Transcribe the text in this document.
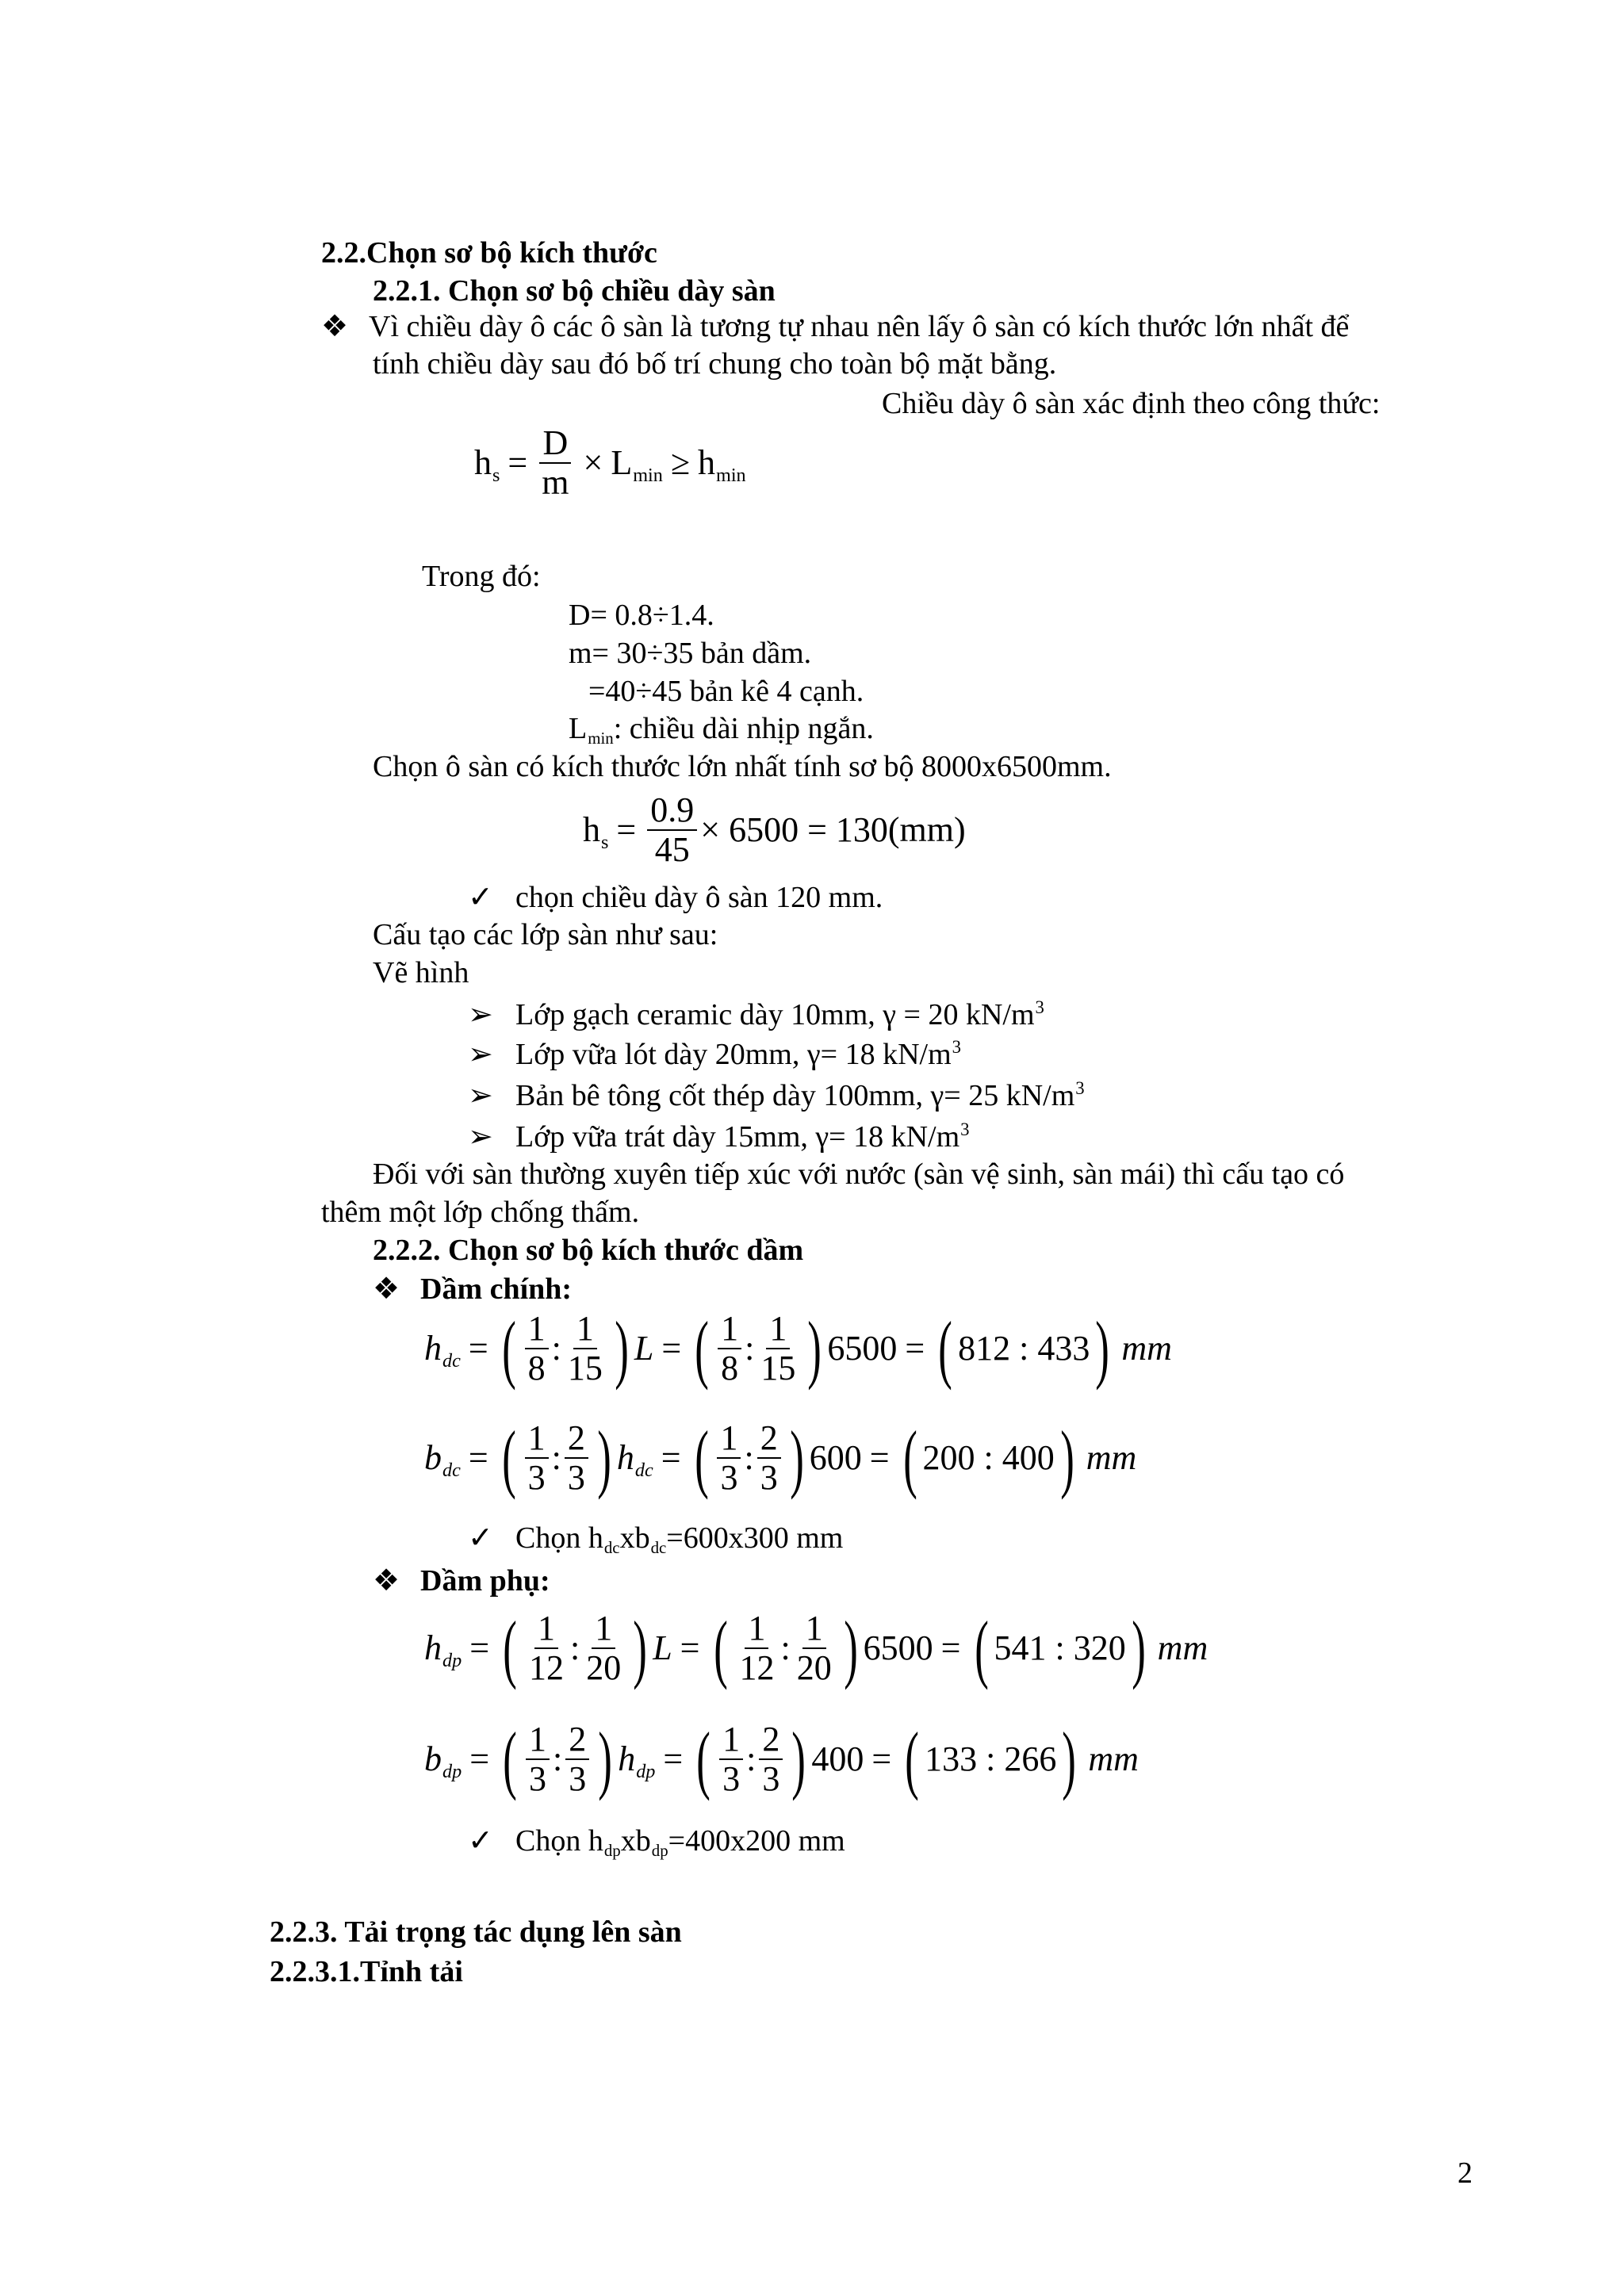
2.2.Chọn sơ bộ kích thước
2.2.1. Chọn sơ bộ chiều dày sàn
❖ Vì chiều dày ô các ô sàn là tương tự nhau nên lấy ô sàn có kích thước lớn nhất để
tính chiều dày sau đó bố trí chung cho toàn bộ mặt bằng.
Chiều dày ô sàn xác định theo công thức:
hs = $\frac{D}{m} \times Lmin \ge hmin$
Trong đó:
D= 0.8÷1.4.
m= 30÷35 bản dầm.
=40÷45 bản kê 4 cạnh.
Lmin: chiều dài nhịp ngắn.
Chọn ô sàn có kích thước lớn nhất tính sơ bộ 8000x6500mm.
hs = $\frac{0.9}{45} \times 6500 = 130(mm)$
✓ chọn chiều dày ô sàn 120 mm.
Cấu tạo các lớp sàn như sau:
Vẽ hình
➢ Lớp gạch ceramic dày 10mm, γ = 20 $kN/m^3$
➢ Lớp vữa lót dày 20mm, γ= 18 $kN/m^3$
➢ Bản bê tông cốt thép dày 100mm, γ= 25 $kN/m^3$
➢ Lớp vữa trát dày 15mm, γ= 18 $kN/m^3$
Đối với sàn thường xuyên tiếp xúc với nước (sàn vệ sinh, sàn mái) thì cấu tạo có
thêm một lớp chống thấm.
2.2.2. Chọn sơ bộ kích thước dầm
❖ Dầm chính:
hdc = ( $\frac{1}{8}$ : $\frac{1}{15}$ ) L = ( $\frac{1}{8}$ : $\frac{1}{15}$ ) 6500 = ( 812 : 433 ) mm
bdc = ( $\frac{1}{3}$ : $\frac{2}{3}$ ) hdc = ( $\frac{1}{3}$ : $\frac{2}{3}$ ) 600 = ( 200 : 400 ) mm
✓ Chọn hdcxbdc=600x300 mm
❖ Dầm phụ:
hdp = ( $\frac{1}{12}$ : $\frac{1}{20}$ ) L = ( $\frac{1}{12}$ : $\frac{1}{20}$ ) 6500 = ( 541 : 320 ) mm
bdp = ( $\frac{1}{3}$ : $\frac{2}{3}$ ) hdp = ( $\frac{1}{3}$ : $\frac{2}{3}$ ) 400 = ( 133 : 266 ) mm
✓ Chọn hdpxbdp=400x200 mm
2.2.3. Tải trọng tác dụng lên sàn
2.2.3.1.Tỉnh tải
2
